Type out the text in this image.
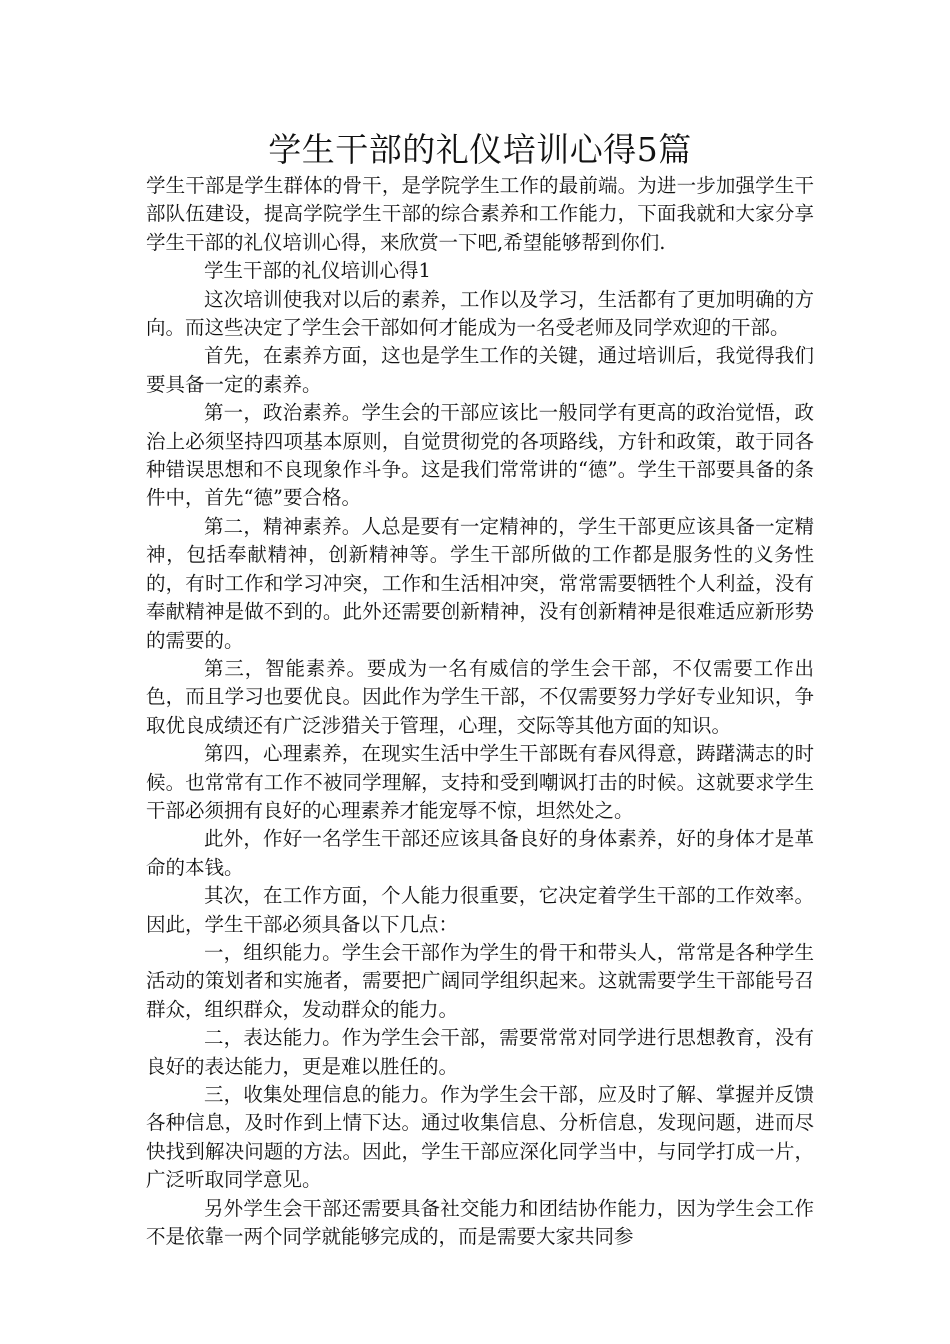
学生干部的礼仪培训心得5篇

学生干部是学生群体的骨干，是学院学生工作的最前端。为进一步加强学生干部队伍建设，提高学院学生干部的综合素养和工作能力，下面我就和大家分享学生干部的礼仪培训心得，来欣赏一下吧,希望能够帮到你们.

学生干部的礼仪培训心得1

这次培训使我对以后的素养，工作以及学习，生活都有了更加明确的方向。而这些决定了学生会干部如何才能成为一名受老师及同学欢迎的干部。

首先，在素养方面，这也是学生工作的关键，通过培训后，我觉得我们要具备一定的素养。

第一，政治素养。学生会的干部应该比一般同学有更高的政治觉悟，政治上必须坚持四项基本原则，自觉贯彻党的各项路线，方针和政策，敢于同各种错误思想和不良现象作斗争。这是我们常常讲的“德”。学生干部要具备的条件中，首先“德”要合格。

第二，精神素养。人总是要有一定精神的，学生干部更应该具备一定精神，包括奉献精神，创新精神等。学生干部所做的工作都是服务性的义务性的，有时工作和学习冲突，工作和生活相冲突，常常需要牺牲个人利益，没有奉献精神是做不到的。此外还需要创新精神，没有创新精神是很难适应新形势的需要的。

第三，智能素养。要成为一名有威信的学生会干部，不仅需要工作出色，而且学习也要优良。因此作为学生干部，不仅需要努力学好专业知识，争取优良成绩还有广泛涉猎关于管理，心理，交际等其他方面的知识。

第四，心理素养，在现实生活中学生干部既有春风得意，踌躇满志的时候。也常常有工作不被同学理解，支持和受到嘲讽打击的时候。这就要求学生干部必须拥有良好的心理素养才能宠辱不惊，坦然处之。

此外，作好一名学生干部还应该具备良好的身体素养，好的身体才是革命的本钱。

其次，在工作方面，个人能力很重要，它决定着学生干部的工作效率。因此，学生干部必须具备以下几点：

一，组织能力。学生会干部作为学生的骨干和带头人，常常是各种学生活动的策划者和实施者，需要把广阔同学组织起来。这就需要学生干部能号召群众，组织群众，发动群众的能力。

二，表达能力。作为学生会干部，需要常常对同学进行思想教育，没有良好的表达能力，更是难以胜任的。

三，收集处理信息的能力。作为学生会干部，应及时了解、掌握并反馈各种信息，及时作到上情下达。通过收集信息、分析信息，发现问题，进而尽快找到解决问题的方法。因此，学生干部应深化同学当中，与同学打成一片，广泛听取同学意见。

另外学生会干部还需要具备社交能力和团结协作能力，因为学生会工作不是依靠一两个同学就能够完成的，而是需要大家共同参
